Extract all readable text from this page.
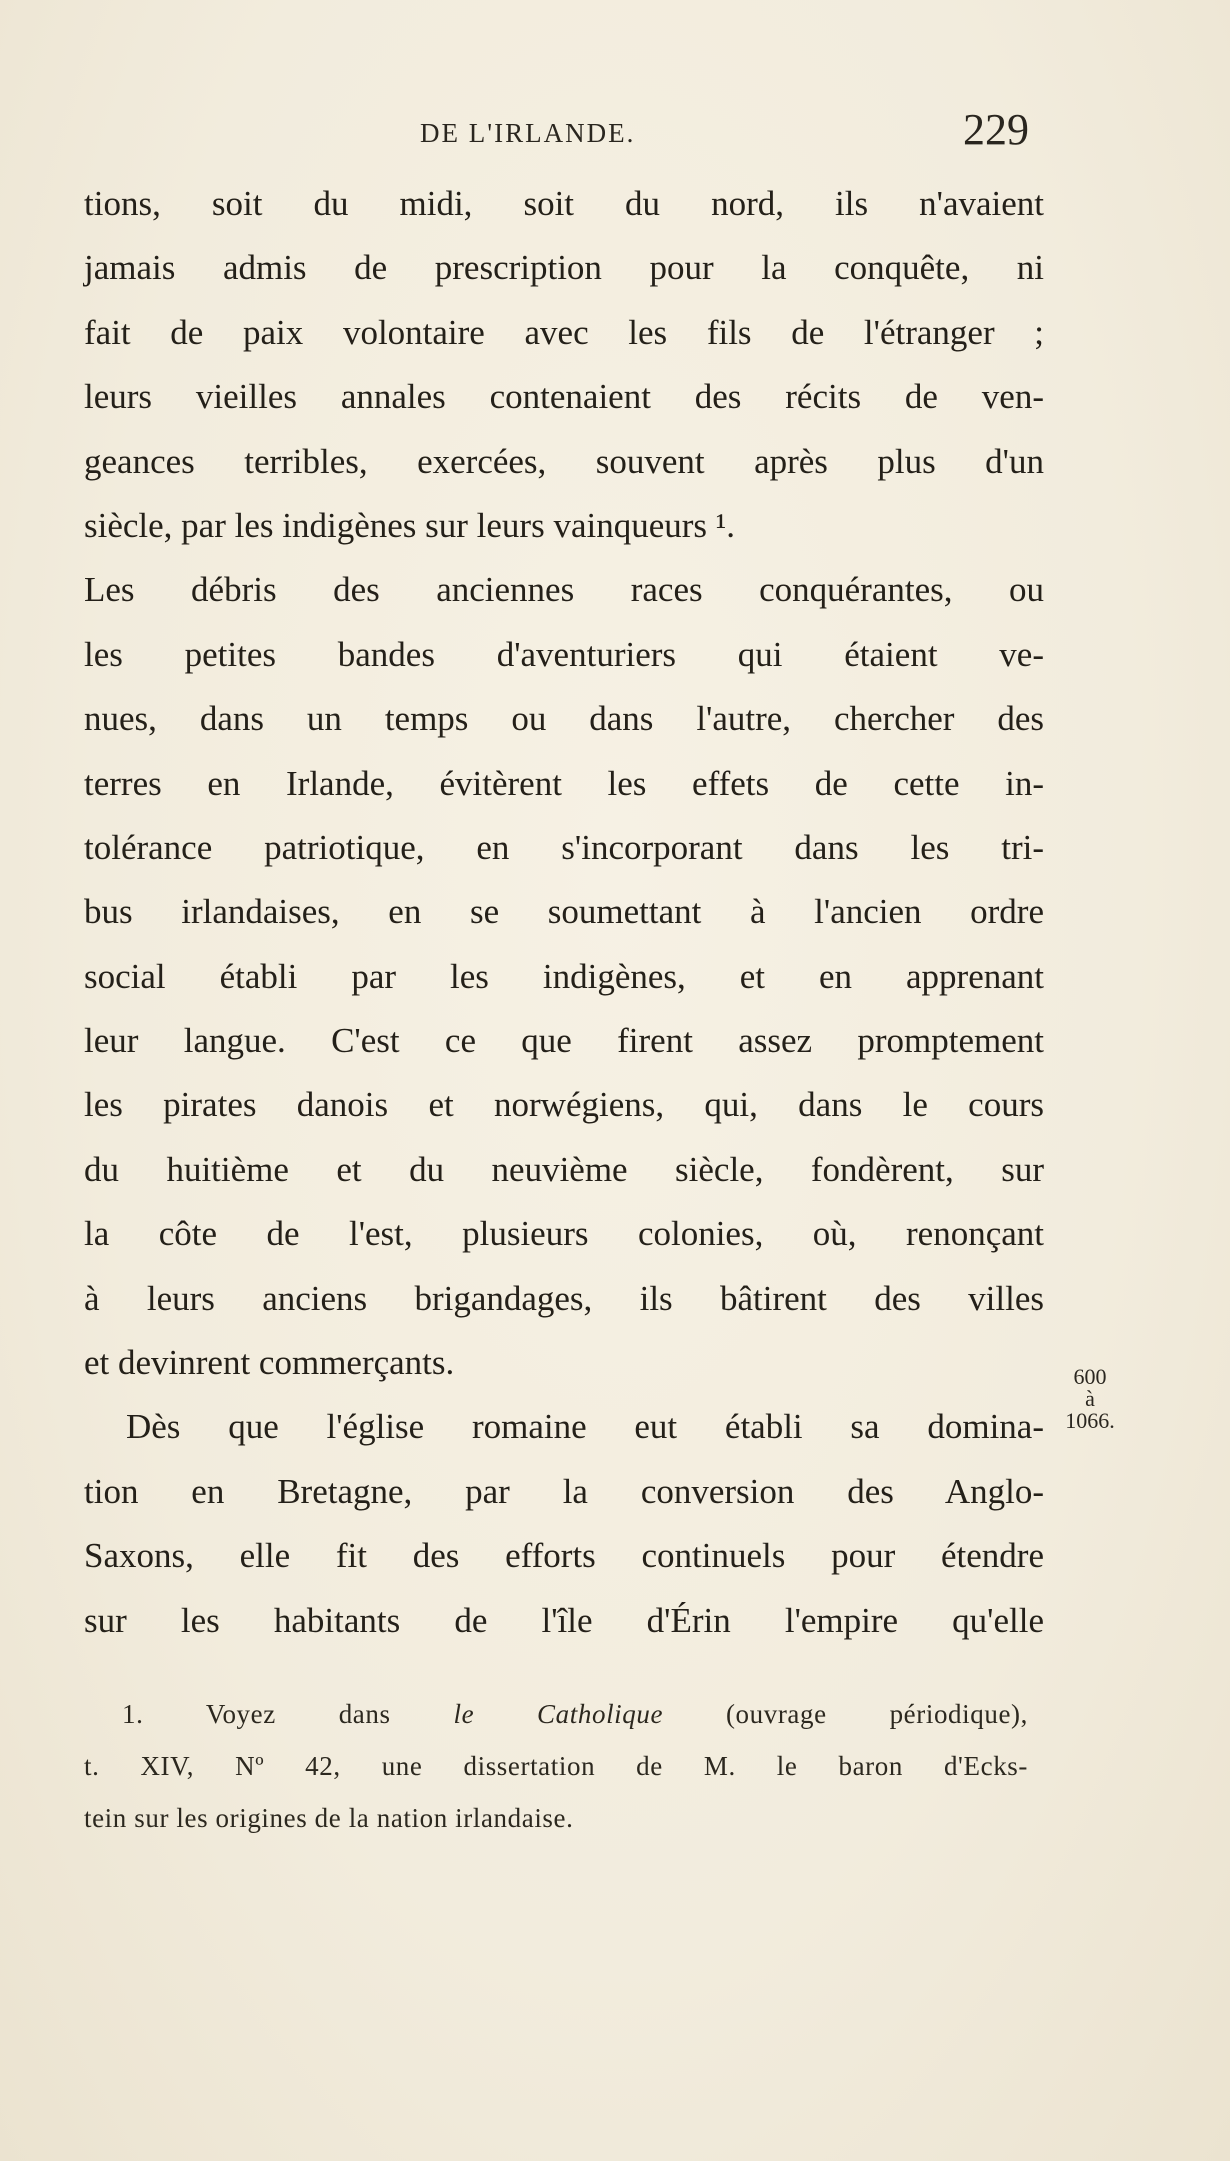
DE L'IRLANDE.	229
tions, soit du midi, soit du nord, ils n'avaient
jamais admis de prescription pour la conquête, ni
fait de paix volontaire avec les fils de l'étranger ;
leurs vieilles annales contenaient des récits de ven-
geances terribles, exercées, souvent après plus d'un
siècle, par les indigènes sur leurs vainqueurs ¹.
Les débris des anciennes races conquérantes, ou
les petites bandes d'aventuriers qui étaient ve-
nues, dans un temps ou dans l'autre, chercher des
terres en Irlande, évitèrent les effets de cette in-
tolérance patriotique, en s'incorporant dans les tri-
bus irlandaises, en se soumettant à l'ancien ordre
social établi par les indigènes, et en apprenant
leur langue. C'est ce que firent assez promptement
les pirates danois et norwégiens, qui, dans le cours
du huitième et du neuvième siècle, fondèrent, sur
la côte de l'est, plusieurs colonies, où, renonçant
à leurs anciens brigandages, ils bâtirent des villes
et devinrent commerçants.
Dès que l'église romaine eut établi sa domina-
tion en Bretagne, par la conversion des Anglo-
Saxons, elle fit des efforts continuels pour étendre
sur les habitants de l'île d'Érin l'empire qu'elle
600
à
1066.
1. Voyez dans le Catholique (ouvrage périodique),
t. XIV, Nº 42, une dissertation de M. le baron d'Ecks-
tein sur les origines de la nation irlandaise.
